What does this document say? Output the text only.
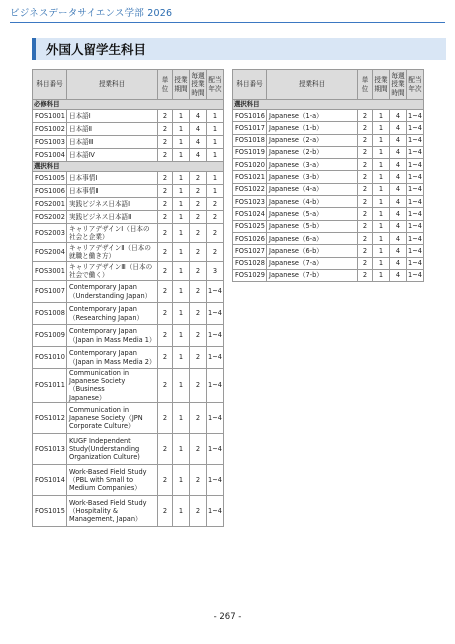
ビジネスデータサイエンス学部 2026
外国人留学生科目
科目番号	授業科目	単位	授業期間	毎週授業時間	配当年次
必修科目					
FOS1001	日本語Ⅰ	2	1	4	1
FOS1002	日本語Ⅱ	2	1	4	1
FOS1003	日本語Ⅲ	2	1	4	1
FOS1004	日本語Ⅳ	2	1	4	1
選択科目					
FOS1005	日本事情Ⅰ	2	1	2	1
FOS1006	日本事情Ⅱ	2	1	2	1
FOS2001	実践ビジネス日本語Ⅰ	2	1	2	2
FOS2002	実践ビジネス日本語Ⅱ	2	1	2	2
FOS2003	キャリアデザインⅠ（日本の
社会と企業）	2	1	2	2
FOS2004	キャリアデザインⅡ（日本の
就職と働き方）	2	1	2	2
FOS3001	キャリアデザインⅢ（日本の
社会で働く）	2	1	2	3
FOS1007	Contemporary Japan
（Understanding Japan）	2	1	2	1~4
FOS1008	Contemporary Japan
（Researching Japan）	2	1	2	1~4
FOS1009	Contemporary Japan
（Japan in Mass Media 1）	2	1	2	1~4
FOS1010	Contemporary Japan
（Japan in Mass Media 2）	2	1	2	1~4
FOS1011	Communication in
Japanese Society（Business
Japanese）	2	1	2	1~4
FOS1012	Communication in
Japanese Society（JPN
Corporate Culture）	2	1	2	1~4
FOS1013	KUGF Independent
Study(Understanding
Organization Culture)	2	1	2	1~4
FOS1014	Work-Based Field Study
（PBL with Small to
Medium Companies）	2	1	2	1~4
FOS1015	Work-Based Field Study
（Hospitality &
Management, Japan）	2	1	2	1~4
科目番号	授業科目	単位	授業期間	毎週授業時間	配当年次
選択科目					
FOS1016	Japanese（1-a）	2	1	4	1~4
FOS1017	Japanese（1-b）	2	1	4	1~4
FOS1018	Japanese（2-a）	2	1	4	1~4
FOS1019	Japanese（2-b）	2	1	4	1~4
FOS1020	Japanese（3-a）	2	1	4	1~4
FOS1021	Japanese（3-b）	2	1	4	1~4
FOS1022	Japanese（4-a）	2	1	4	1~4
FOS1023	Japanese（4-b）	2	1	4	1~4
FOS1024	Japanese（5-a）	2	1	4	1~4
FOS1025	Japanese（5-b）	2	1	4	1~4
FOS1026	Japanese（6-a）	2	1	4	1~4
FOS1027	Japanese（6-b）	2	1	4	1~4
FOS1028	Japanese（7-a）	2	1	4	1~4
FOS1029	Japanese（7-b）	2	1	4	1~4
- 267 -
